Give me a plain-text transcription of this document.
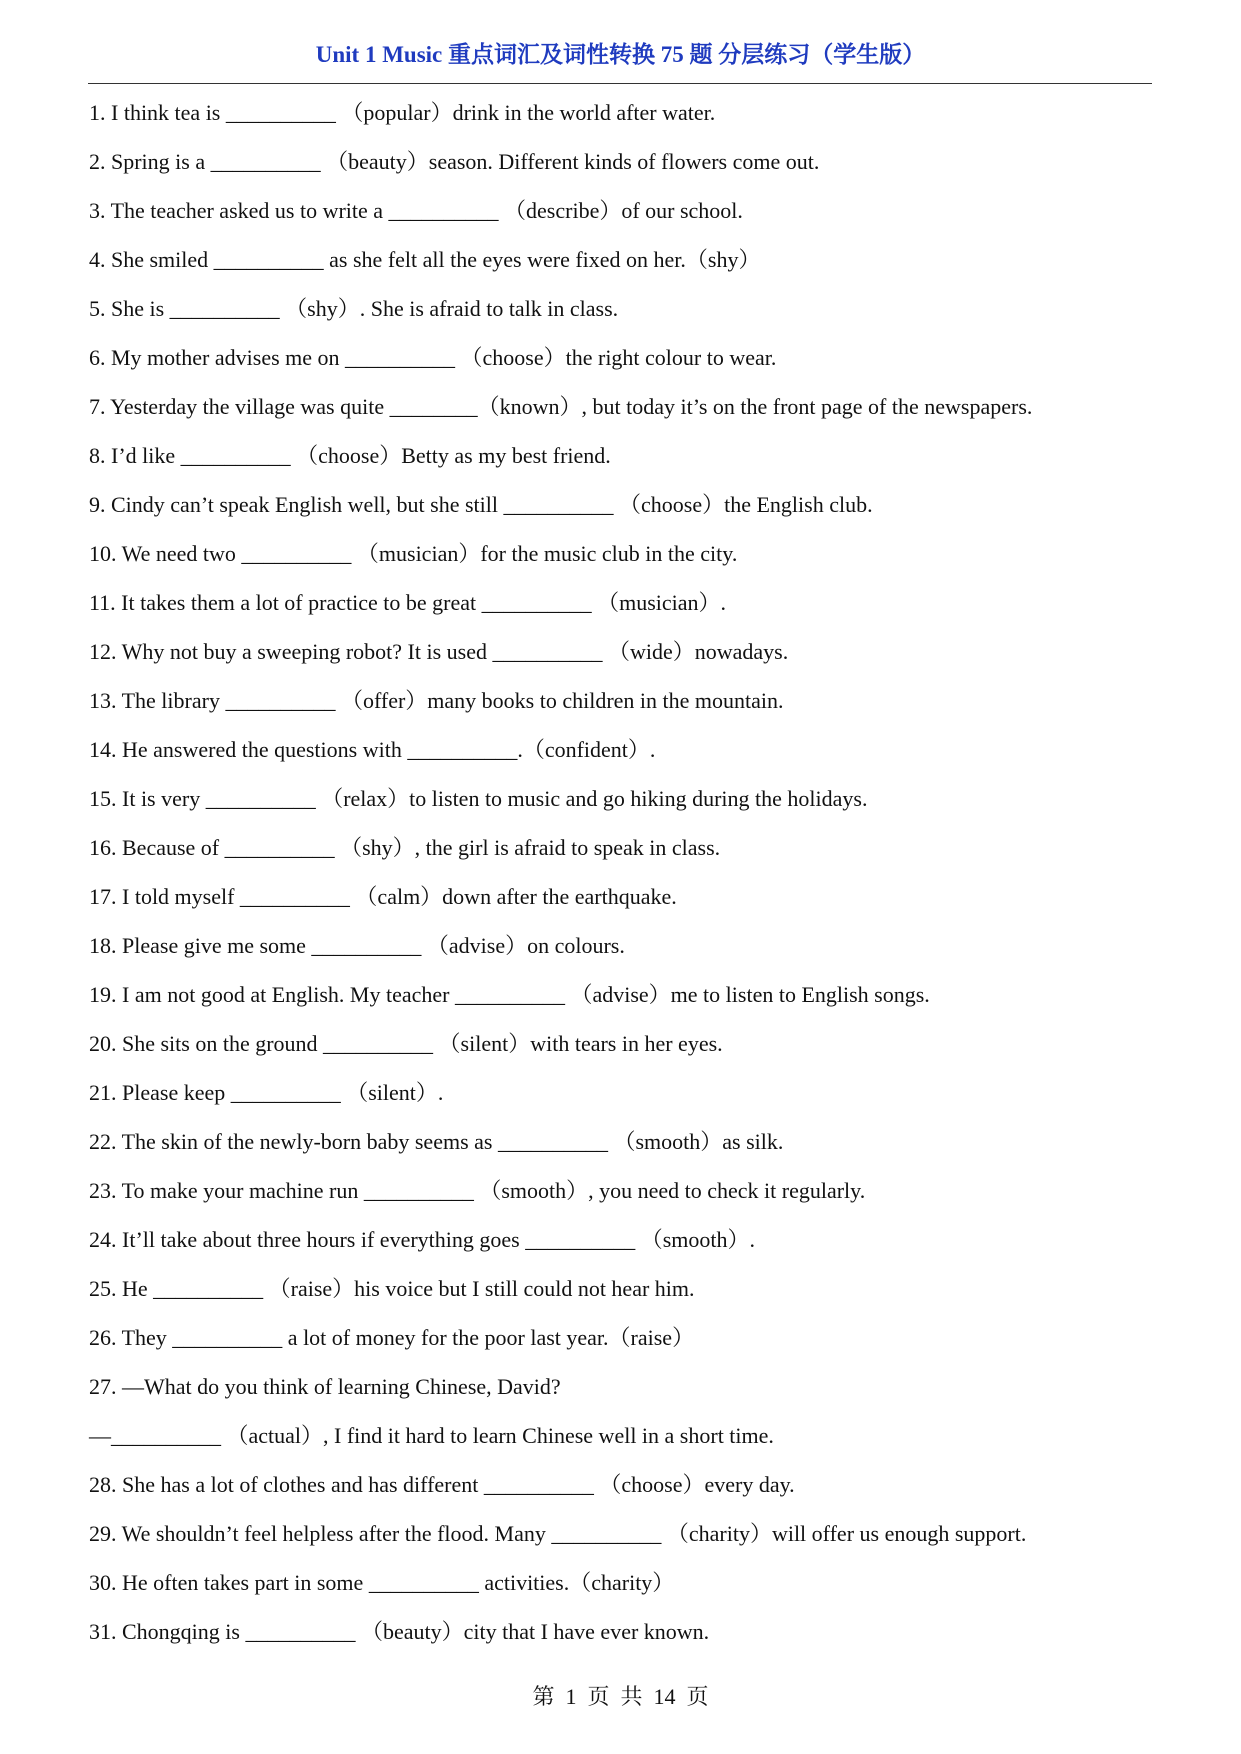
Unit 1 Music 重点词汇及词性转换 75 题 分层练习（学生版）
1. I think tea is __________ （popular）drink in the world after water.
2. Spring is a __________ （beauty）season. Different kinds of flowers come out.
3. The teacher asked us to write a __________ （describe）of our school.
4. She smiled __________ as she felt all the eyes were fixed on her.（shy）
5. She is __________ （shy）. She is afraid to talk in class.
6. My mother advises me on __________ （choose）the right colour to wear.
7. Yesterday the village was quite ________（known）, but today it’s on the front page of the newspapers.
8. I’d like __________ （choose）Betty as my best friend.
9. Cindy can’t speak English well, but she still __________ （choose）the English club.
10. We need two __________ （musician）for the music club in the city.
11. It takes them a lot of practice to be great __________ （musician）.
12. Why not buy a sweeping robot? It is used __________ （wide）nowadays.
13. The library __________ （offer）many books to children in the mountain.
14. He answered the questions with __________.（confident）.
15. It is very __________ （relax）to listen to music and go hiking during the holidays.
16. Because of __________ （shy）, the girl is afraid to speak in class.
17. I told myself __________ （calm）down after the earthquake.
18. Please give me some __________ （advise）on colours.
19. I am not good at English. My teacher __________ （advise）me to listen to English songs.
20. She sits on the ground __________ （silent）with tears in her eyes.
21. Please keep __________ （silent）.
22. The skin of the newly-born baby seems as __________ （smooth）as silk.
23. To make your machine run __________ （smooth）, you need to check it regularly.
24. It’ll take about three hours if everything goes __________ （smooth）.
25. He __________ （raise）his voice but I still could not hear him.
26. They __________ a lot of money for the poor last year.（raise）
27. —What do you think of learning Chinese, David?
—__________ （actual）, I find it hard to learn Chinese well in a short time.
28. She has a lot of clothes and has different __________ （choose）every day.
29. We shouldn’t feel helpless after the flood. Many __________ （charity）will offer us enough support.
30. He often takes part in some __________ activities.（charity）
31. Chongqing is __________ （beauty）city that I have ever known.
第  1  页  共  14  页
